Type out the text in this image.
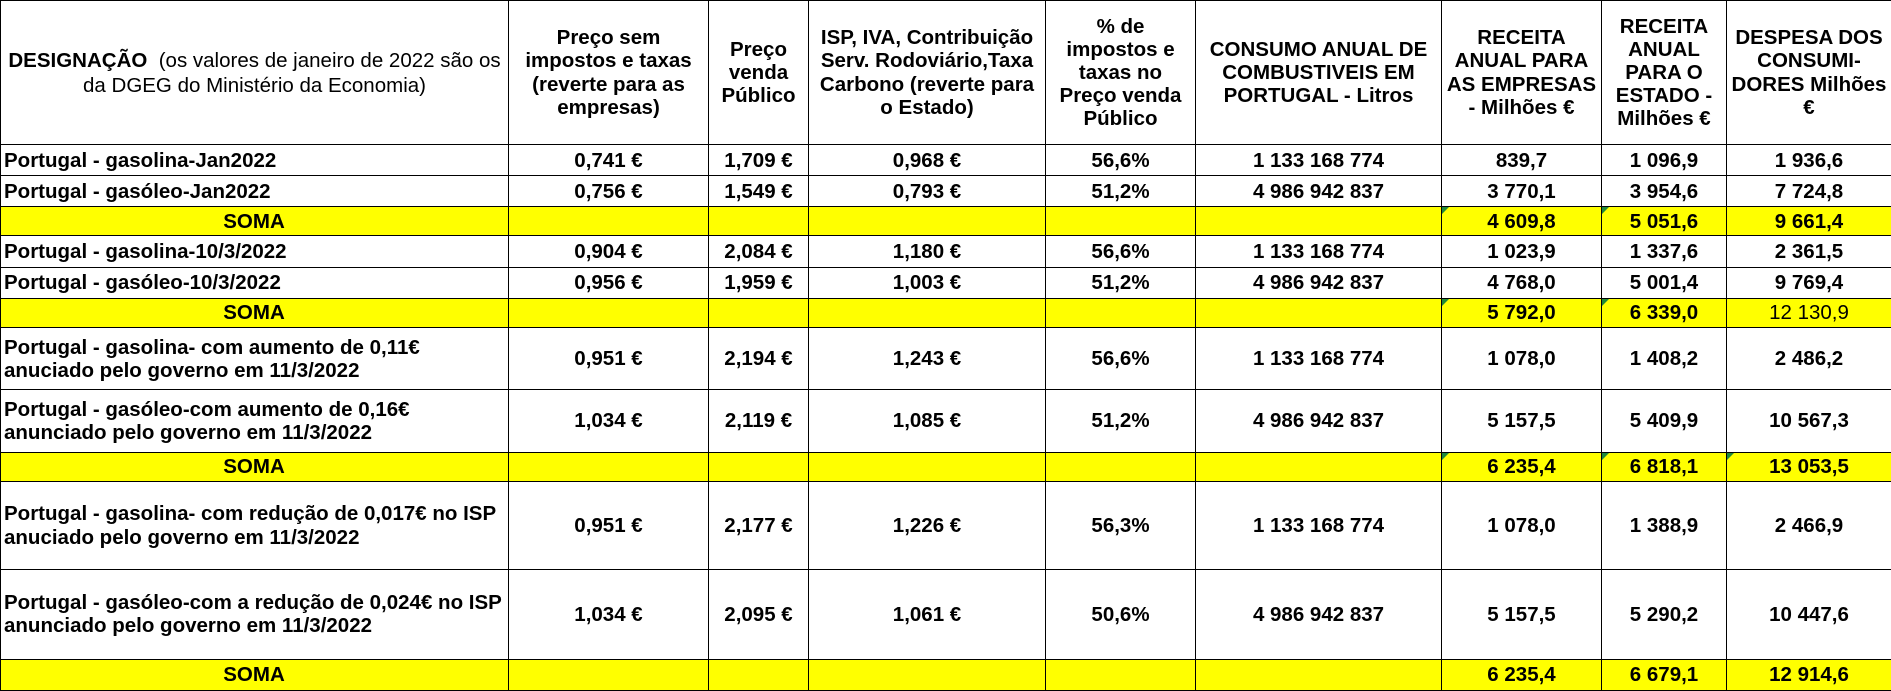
DESIGNAÇÃO (os valores de janeiro de 2022 são os da DGEG do Ministério da Economia)	Preço sem impostos e taxas (reverte para as empresas)	Preço venda Público	ISP, IVA, Contribuição Serv. Rodoviário,Taxa Carbono (reverte para o Estado)	% de impostos e taxas no Preço venda Público	CONSUMO ANUAL DE COMBUSTIVEIS EM PORTUGAL - Litros	RECEITA ANUAL PARA AS EMPRESAS - Milhões €	RECEITA ANUAL PARA O ESTADO - Milhões €	DESPESA DOS CONSUMI-DORES Milhões €
Portugal - gasolina-Jan2022	0,741 €	1,709 €	0,968 €	56,6%	1 133 168 774	839,7	1 096,9	1 936,6
Portugal - gasóleo-Jan2022	0,756 €	1,549 €	0,793 €	51,2%	4 986 942 837	3 770,1	3 954,6	7 724,8
SOMA						4 609,8	5 051,6	9 661,4
Portugal - gasolina-10/3/2022	0,904 €	2,084 €	1,180 €	56,6%	1 133 168 774	1 023,9	1 337,6	2 361,5
Portugal - gasóleo-10/3/2022	0,956 €	1,959 €	1,003 €	51,2%	4 986 942 837	4 768,0	5 001,4	9 769,4
SOMA						5 792,0	6 339,0	12 130,9
Portugal - gasolina- com aumento de 0,11€ anuciado pelo governo em 11/3/2022	0,951 €	2,194 €	1,243 €	56,6%	1 133 168 774	1 078,0	1 408,2	2 486,2
Portugal - gasóleo-com aumento de 0,16€ anunciado pelo governo em 11/3/2022	1,034 €	2,119 €	1,085 €	51,2%	4 986 942 837	5 157,5	5 409,9	10 567,3
SOMA						6 235,4	6 818,1	13 053,5
Portugal - gasolina- com redução de 0,017€ no ISP anuciado pelo governo em 11/3/2022	0,951 €	2,177 €	1,226 €	56,3%	1 133 168 774	1 078,0	1 388,9	2 466,9
Portugal - gasóleo-com a redução de 0,024€ no ISP anunciado pelo governo em 11/3/2022	1,034 €	2,095 €	1,061 €	50,6%	4 986 942 837	5 157,5	5 290,2	10 447,6
SOMA						6 235,4	6 679,1	12 914,6
